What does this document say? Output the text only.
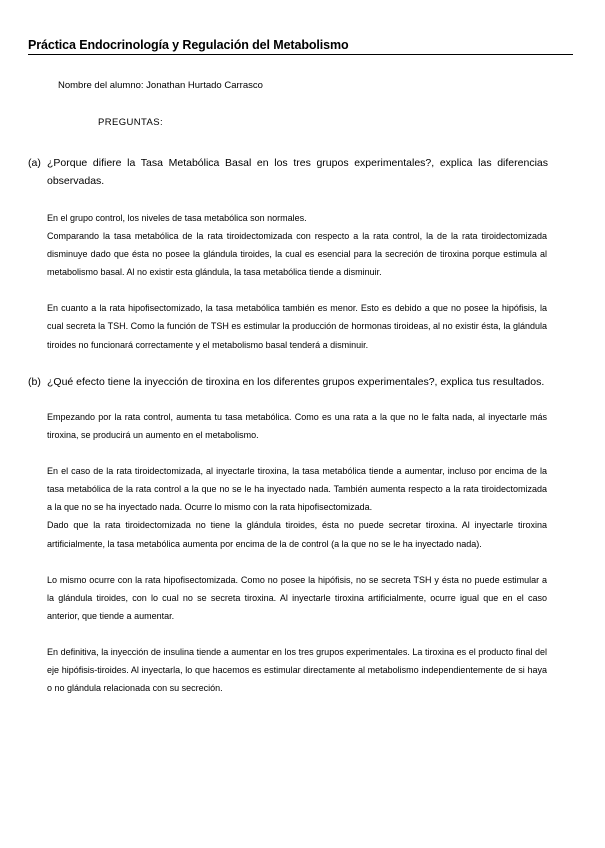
Práctica Endocrinología y Regulación del Metabolismo
Nombre del alumno: Jonathan Hurtado Carrasco
PREGUNTAS:
(a) ¿Porque difiere la Tasa Metabólica Basal en los tres grupos experimentales?, explica las diferencias observadas.

En el grupo control, los niveles de tasa metabólica son normales.

Comparando la tasa metabólica de la rata tiroidectomizada con respecto a la rata control, la de la rata tiroidectomizada disminuye dado que ésta no posee la glándula tiroides, la cual es esencial para la secreción de tiroxina porque estimula al metabolismo basal. Al no existir esta glándula, la tasa metabólica tiende a disminuir.

En cuanto a la rata hipofisectomizado, la tasa metabólica también es menor. Esto es debido a que no posee la hipófisis, la cual secreta la TSH. Como la función de TSH es estimular la producción de hormonas tiroideas, al no existir ésta, la glándula tiroides no funcionará correctamente y el metabolismo basal tenderá a disminuir.

(b) ¿Qué efecto tiene la inyección de tiroxina en los diferentes grupos experimentales?, explica tus resultados.

Empezando por la rata control, aumenta tu tasa metabólica. Como es una rata a la que no le falta nada, al inyectarle más tiroxina, se producirá un aumento en el metabolismo.

En el caso de la rata tiroidectomizada, al inyectarle tiroxina, la tasa metabólica tiende a aumentar, incluso por encima de la tasa metabólica de la rata control a la que no se le ha inyectado nada. También aumenta respecto a la rata tiroidectomizada a la que no se ha inyectado nada. Ocurre lo mismo con la rata hipofisectomizada.

Dado que la rata tiroidectomizada no tiene la glándula tiroides, ésta no puede secretar tiroxina. Al inyectarle tiroxina artificialmente, la tasa metabólica aumenta por encima de la de control (a la que no se le ha inyectado nada).

Lo mismo ocurre con la rata hipofisectomizada. Como no posee la hipófisis, no se secreta TSH y ésta no puede estimular a la glándula tiroides, con lo cual no se secreta tiroxina. Al inyectarle tiroxina artificialmente, ocurre igual que en el caso anterior, que tiende a aumentar.

En definitiva, la inyección de insulina tiende a aumentar en los tres grupos experimentales. La tiroxina es el producto final del eje hipófisis-tiroides. Al inyectarla, lo que hacemos es estimular directamente al metabolismo independientemente de si haya o no glándula relacionada con su secreción.
